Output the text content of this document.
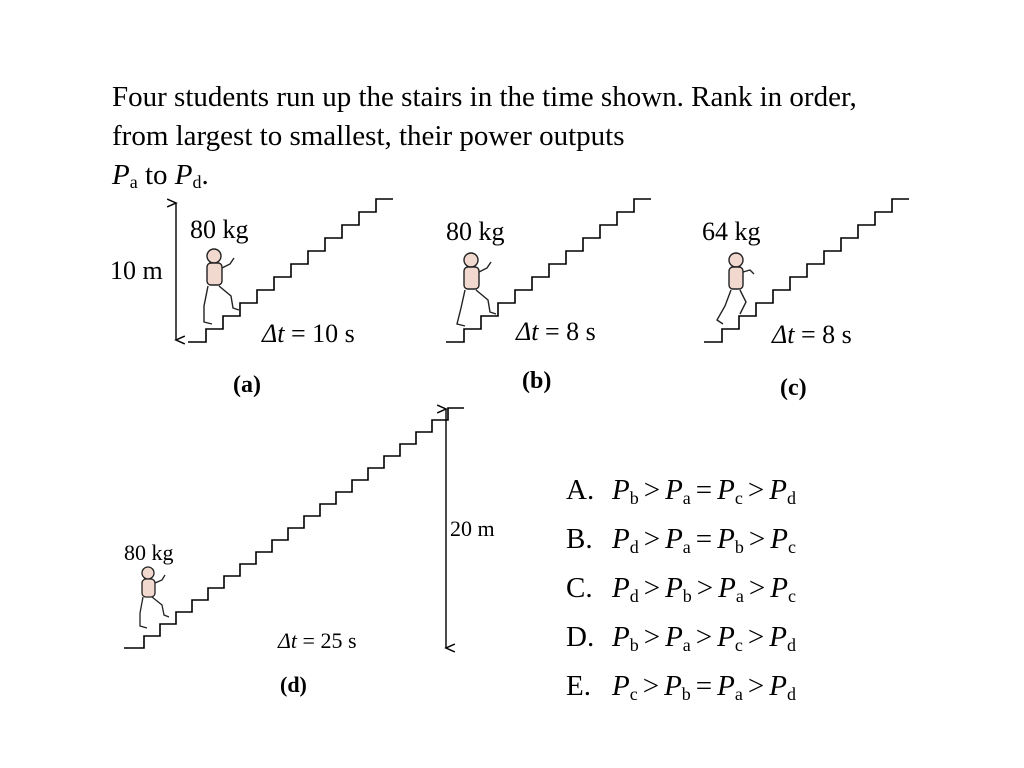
Four students run up the stairs in the time shown. Rank in order, from largest to smallest, their power outputs
$P_a$ to $P_d$.
10 m
80 kg
Δt = 10 s
(a)
80 kg
Δt = 8 s
(b)
64 kg
Δt = 8 s
(c)
20 m
80 kg
Δt = 25 s
(d)
A. $P_b > P_a = P_c > P_d$
B. $P_d > P_a = P_b > P_c$
C. $P_d > P_b > P_a > P_c$
D. $P_b > P_a > P_c > P_d$
E. $P_c > P_b = P_a > P_d$
